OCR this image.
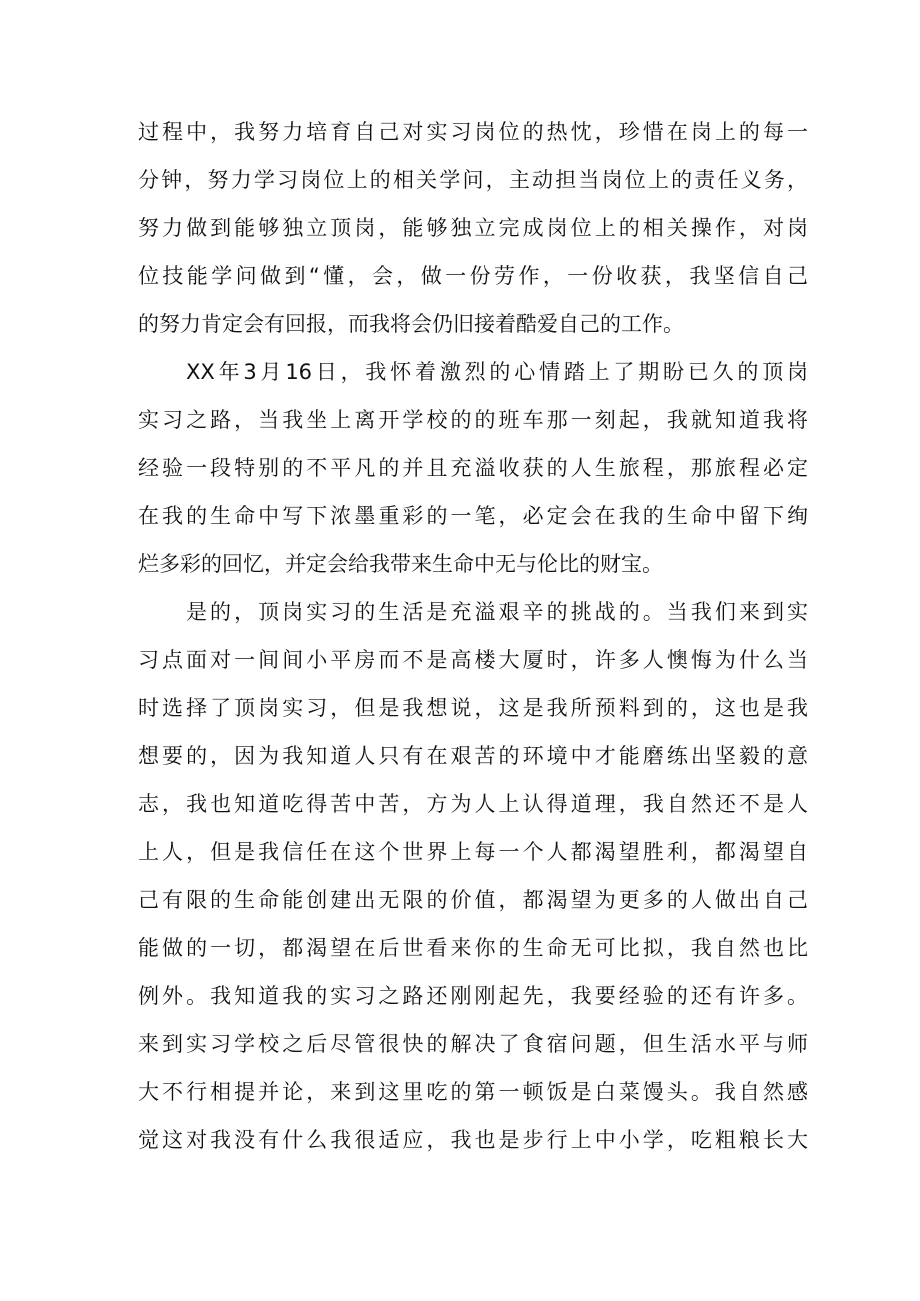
过程中，我努力培育自己对实习岗位的热忱，珍惜在岗上的每一
分钟，努力学习岗位上的相关学问，主动担当岗位上的责任义务，
努力做到能够独立顶岗，能够独立完成岗位上的相关操作，对岗
位技能学问做到“懂，会，做一份劳作，一份收获，我坚信自己
的努力肯定会有回报，而我将会仍旧接着酷爱自己的工作。
XX年3月16日，我怀着激烈的心情踏上了期盼已久的顶岗
实习之路，当我坐上离开学校的的班车那一刻起，我就知道我将
经验一段特别的不平凡的并且充溢收获的人生旅程，那旅程必定
在我的生命中写下浓墨重彩的一笔，必定会在我的生命中留下绚
烂多彩的回忆，并定会给我带来生命中无与伦比的财宝。
是的，顶岗实习的生活是充溢艰辛的挑战的。当我们来到实
习点面对一间间小平房而不是高楼大厦时，许多人懊悔为什么当
时选择了顶岗实习，但是我想说，这是我所预料到的，这也是我
想要的，因为我知道人只有在艰苦的环境中才能磨练出坚毅的意
志，我也知道吃得苦中苦，方为人上认得道理，我自然还不是人
上人，但是我信任在这个世界上每一个人都渴望胜利，都渴望自
己有限的生命能创建出无限的价值，都渴望为更多的人做出自己
能做的一切，都渴望在后世看来你的生命无可比拟，我自然也比
例外。我知道我的实习之路还刚刚起先，我要经验的还有许多。
来到实习学校之后尽管很快的解决了食宿问题，但生活水平与师
大不行相提并论，来到这里吃的第一顿饭是白菜馒头。我自然感
觉这对我没有什么我很适应，我也是步行上中小学，吃粗粮长大
